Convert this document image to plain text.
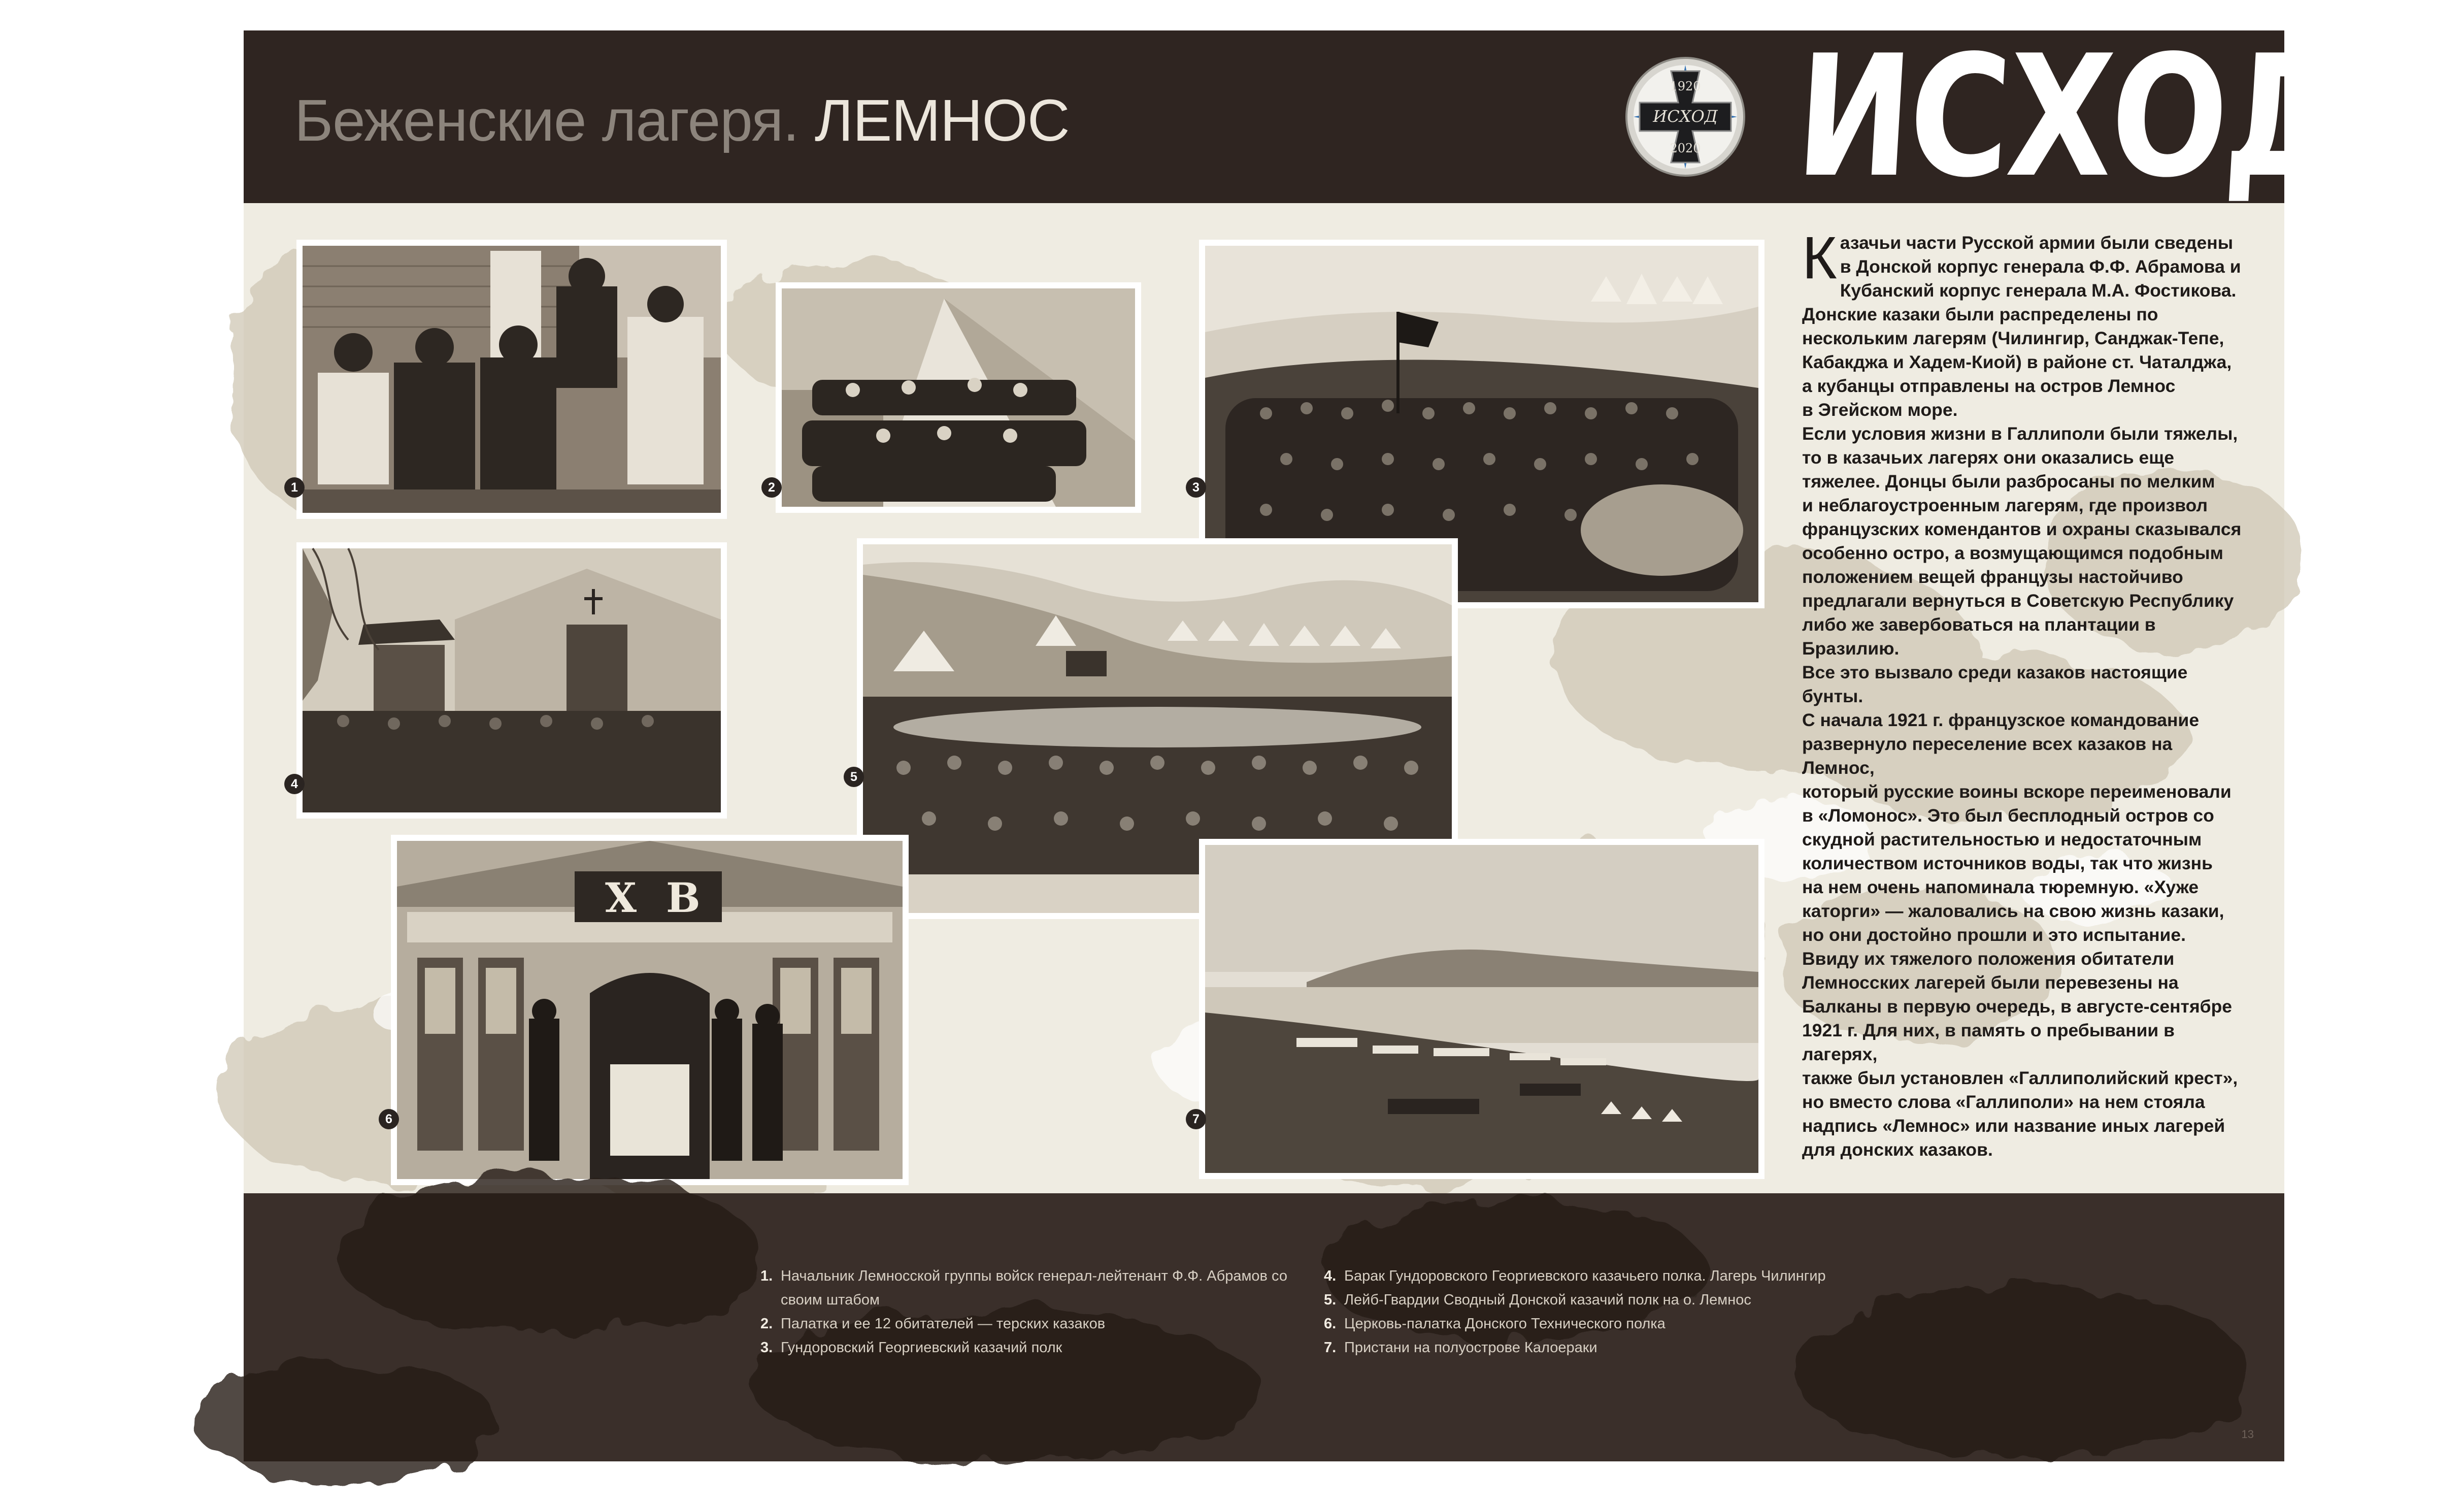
Беженские лагеря. ЛЕМНОС
1920
ИСХОД
2020 ИСХОД
1	2	3
4	5
Х В
6	7
К азачьи части Русской армии были сведены
в Донской корпус генерала Ф.Ф. Абрамова и
Кубанский корпус генерала М.А. Фостикова.
Донские казаки были распределены по
нескольким лагерям (Чилингир, Санджак-Тепе,
Кабакджа и Хадем-Киой) в районе ст. Чаталджа,
а кубанцы отправлены на остров Лемнос
в Эгейском море.
Если условия жизни в Галлиполи были тяжелы,
то в казачьих лагерях они оказались еще
тяжелее. Донцы были разбросаны по мелким
и неблагоустроенным лагерям, где произвол
французских комендантов и охраны сказывался
особенно остро, а возмущающимся подобным
положением вещей французы настойчиво
предлагали вернуться в Советскую Республику
либо же завербоваться на плантации в Бразилию.
Все это вызвало среди казаков настоящие бунты.
С начала 1921 г. французское командование
развернуло переселение всех казаков на Лемнос,
который русские воины вскоре переименовали
в «Ломонос». Это был бесплодный остров со
скудной растительностью и недостаточным
количеством источников воды, так что жизнь
на нем очень напоминала тюремную. «Хуже
каторги» — жаловались на свою жизнь казаки,
но они достойно прошли и это испытание.
Ввиду их тяжелого положения обитатели
Лемносских лагерей были перевезены на
Балканы в первую очередь, в августе-сентябре
1921 г. Для них, в память о пребывании в лагерях,
также был установлен «Галлиполийский крест»,
но вместо слова «Галлиполи» на нем стояла
надпись «Лемнос» или название иных лагерей
для донских казаков.
1. Начальник Лемносской группы войск генерал-лейтенант Ф.Ф. Абрамов со своим штабом
2. Палатка и ее 12 обитателей — терских казаков
3. Гундоровский Георгиевский казачий полк
4. Барак Гундоровского Георгиевского казачьего полка. Лагерь Чилингир
5. Лейб-Гвардии Сводный Донской казачий полк на о. Лемнос
6. Церковь-палатка Донского Технического полка
7. Пристани на полуострове Калоераки
13
